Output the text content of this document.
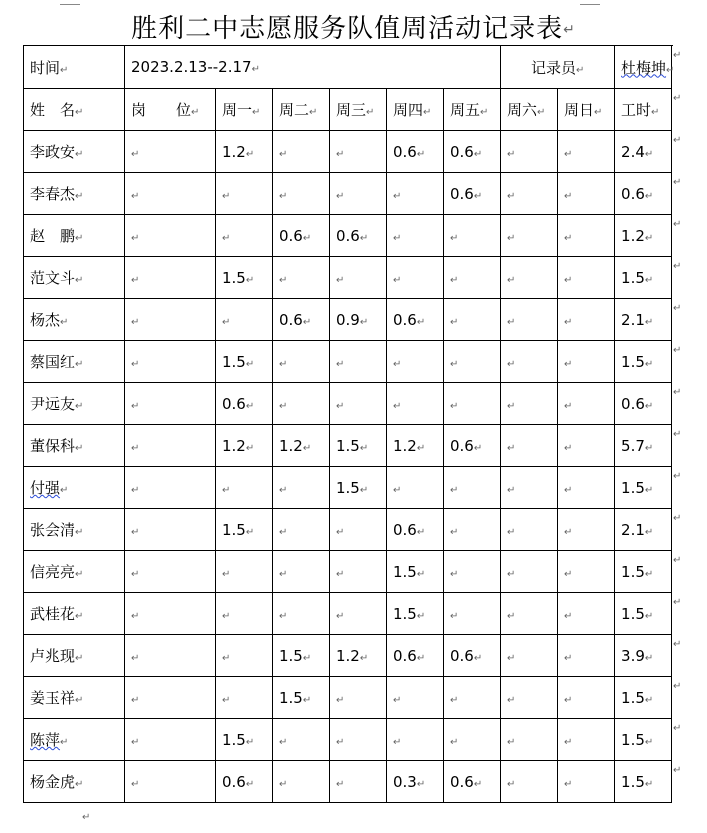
胜利二中志愿服务队值周活动记录表↵
时间↵	2023.2.13--2.17↵						记录员↵		杜梅坤↵
姓　名↵	岗　　位↵	周一↵	周二↵	周三↵	周四↵	周五↵	周六↵	周日↵	工时↵
李政安↵	↵	1.2↵	↵	↵	0.6↵	0.6↵	↵	↵	2.4↵
李春杰↵	↵	↵	↵	↵	↵	0.6↵	↵	↵	0.6↵
赵　鹏↵	↵	↵	0.6↵	0.6↵	↵	↵	↵	↵	1.2↵
范文斗↵	↵	1.5↵	↵	↵	↵	↵	↵	↵	1.5↵
杨杰↵	↵	↵	0.6↵	0.9↵	0.6↵	↵	↵	↵	2.1↵
蔡国红↵	↵	1.5↵	↵	↵	↵	↵	↵	↵	1.5↵
尹远友↵	↵	0.6↵	↵	↵	↵	↵	↵	↵	0.6↵
董保科↵	↵	1.2↵	1.2↵	1.5↵	1.2↵	0.6↵	↵	↵	5.7↵
付强↵	↵	↵	↵	1.5↵	↵	↵	↵	↵	1.5↵
张会清↵	↵	1.5↵	↵	↵	0.6↵	↵	↵	↵	2.1↵
信亮亮↵	↵	↵	↵	↵	1.5↵	↵	↵	↵	1.5↵
武桂花↵	↵	↵	↵	↵	1.5↵	↵	↵	↵	1.5↵
卢兆现↵	↵	↵	1.5↵	1.2↵	0.6↵	0.6↵	↵	↵	3.9↵
姜玉祥↵	↵	↵	1.5↵	↵	↵	↵	↵	↵	1.5↵
陈萍↵	↵	1.5↵	↵	↵	↵	↵	↵	↵	1.5↵
杨金虎↵	↵	0.6↵	↵	↵	0.3↵	0.6↵	↵	↵	1.5↵
↵
↵
↵
↵
↵
↵
↵
↵
↵
↵
↵
↵
↵
↵
↵
↵
↵
↵
↵
